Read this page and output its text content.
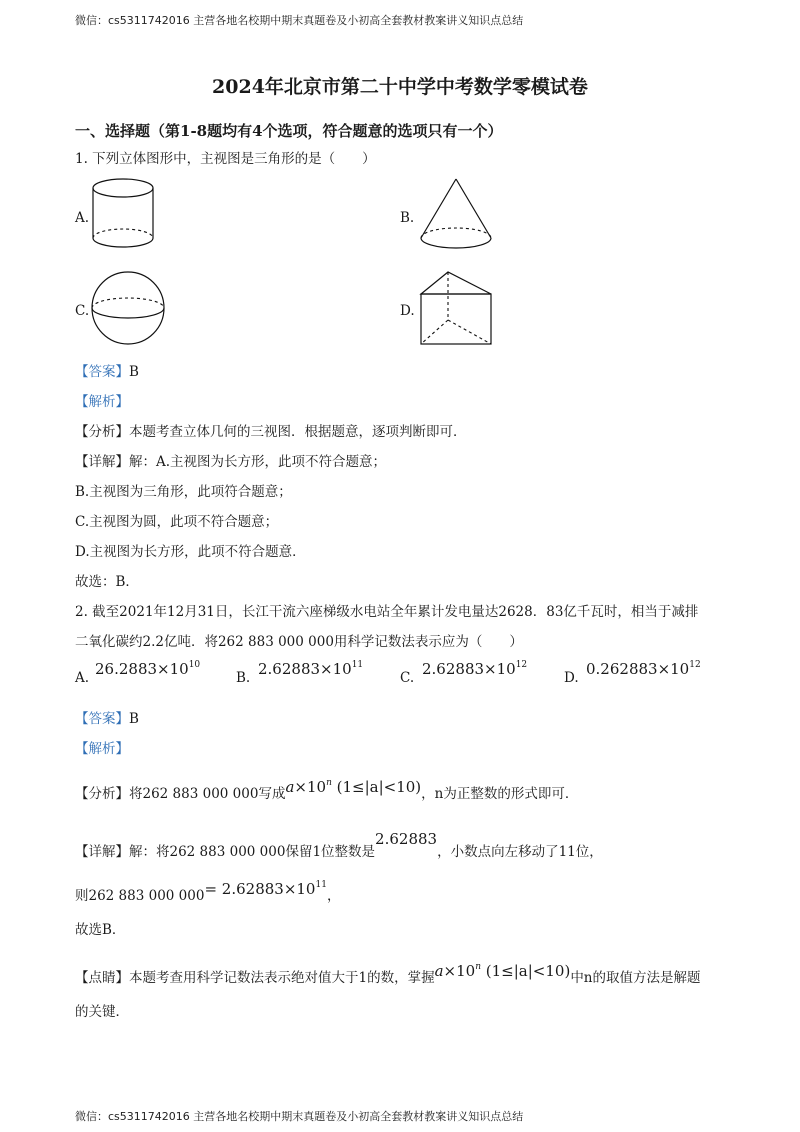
微信：cs5311742016 主营各地名校期中期末真题卷及小初高全套教材教案讲义知识点总结
微信：cs5311742016 主营各地名校期中期末真题卷及小初高全套教材教案讲义知识点总结
2024年北京市第二十中学中考数学零模试卷
一、选择题（第1-8题均有4个选项，符合题意的选项只有一个）
1. 下列立体图形中，主视图是三角形的是（　　）
A.	B.
C.	D.
【答案】B
【解析】
【分析】本题考查立体几何的三视图．根据题意，逐项判断即可．
【详解】解：A.主视图为长方形，此项不符合题意；
B.主视图为三角形，此项符合题意；
C.主视图为圆，此项不符合题意；
D.主视图为长方形，此项不符合题意．
故选：B．
2. 截至2021年12月31日，长江干流六座梯级水电站全年累计发电量达2628．83亿千瓦时，相当于减排
二氧化碳约2.2亿吨．将262 883 000 000用科学记数法表示应为（　　）
A. $26.2883\times 10^{10}$
B. $2.62883\times 10^{11}$
C. $2.62883\times 10^{12}$
D. $0.262883\times 10^{12}$
【答案】B
【解析】
【分析】将262 883 000 000写成$a\times 10^n$ (1≤|a|<10)，n为正整数的形式即可．
【详解】解：将262 883 000 000保留1位整数是2.62883，小数点向左移动了11位，
则262 883 000 $000= 2.62883\times 10^{11}$，
故选B．
【点睛】本题考查用科学记数法表示绝对值大于1的数，掌握$a\times 10^n$ (1≤|a|<10)中n的取值方法是解题
的关键．
